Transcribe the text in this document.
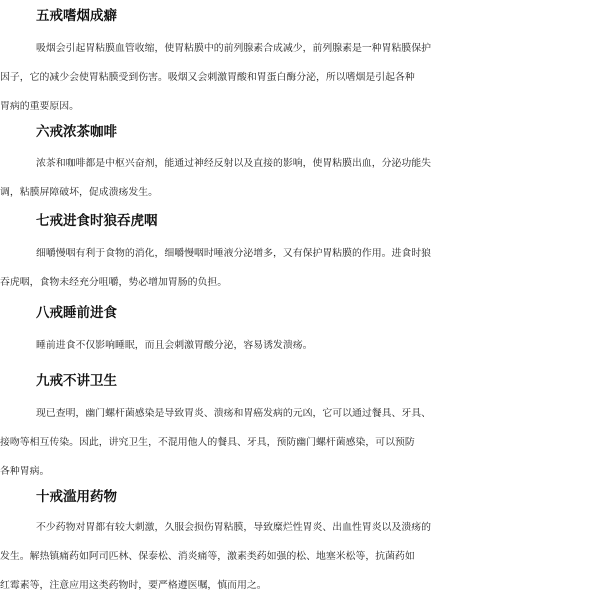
五戒嗜烟成癖
吸烟会引起胃粘膜血管收缩，使胃粘膜中的前列腺素合成减少，前列腺素是一种胃粘膜保护
因子，它的减少会使胃粘膜受到伤害。吸烟又会刺激胃酸和胃蛋白酶分泌，所以嗜烟是引起各种
胃病的重要原因。
六戒浓茶咖啡
浓茶和咖啡都是中枢兴奋剂，能通过神经反射以及直接的影响，使胃粘膜出血，分泌功能失
调，粘膜屏障破坏，促成溃疡发生。
七戒进食时狼吞虎咽
细嚼慢咽有利于食物的消化，细嚼慢咽时唾液分泌增多，又有保护胃粘膜的作用。进食时狼
吞虎咽，食物未经充分咀嚼，势必增加胃肠的负担。
八戒睡前进食
睡前进食不仅影响睡眠，而且会刺激胃酸分泌，容易诱发溃疡。
九戒不讲卫生
现已查明，幽门螺杆菌感染是导致胃炎、溃疡和胃癌发病的元凶，它可以通过餐具、牙具、
接吻等相互传染。因此，讲究卫生，不混用他人的餐具、牙具，预防幽门螺杆菌感染，可以预防
各种胃病。
十戒滥用药物
不少药物对胃都有较大刺激，久服会损伤胃粘膜，导致糜烂性胃炎、出血性胃炎以及溃疡的
发生。解热镇痛药如阿司匹林、保泰松、消炎痛等，激素类药如强的松、地塞米松等，抗菌药如
红霉素等，注意应用这类药物时，要严格遵医嘱，慎而用之。
